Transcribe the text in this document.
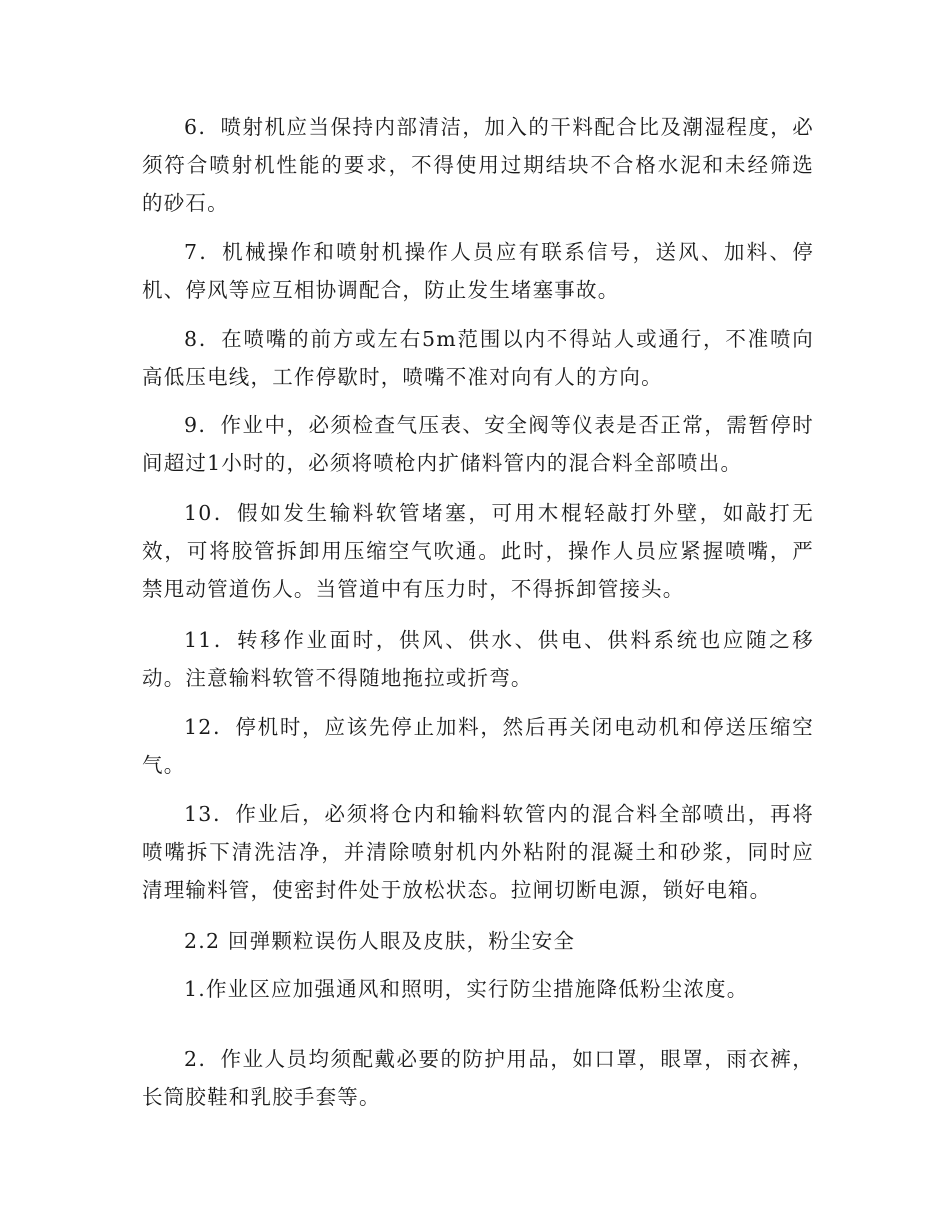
6．喷射机应当保持内部清洁，加入的干料配合比及潮湿程度，必须符合喷射机性能的要求，不得使用过期结块不合格水泥和未经筛选的砂石。

7．机械操作和喷射机操作人员应有联系信号，送风、加料、停机、停风等应互相协调配合，防止发生堵塞事故。

8．在喷嘴的前方或左右5m范围以内不得站人或通行，不准喷向高低压电线，工作停歇时，喷嘴不准对向有人的方向。

9．作业中，必须检查气压表、安全阀等仪表是否正常，需暂停时间超过1小时的，必须将喷枪内扩储料管内的混合料全部喷出。

10．假如发生输料软管堵塞，可用木棍轻敲打外壁，如敲打无效，可将胶管拆卸用压缩空气吹通。此时，操作人员应紧握喷嘴，严禁甩动管道伤人。当管道中有压力时，不得拆卸管接头。

11．转移作业面时，供风、供水、供电、供料系统也应随之移动。注意输料软管不得随地拖拉或折弯。

12．停机时，应该先停止加料，然后再关闭电动机和停送压缩空气。

13．作业后，必须将仓内和输料软管内的混合料全部喷出，再将喷嘴拆下清洗洁净，并清除喷射机内外粘附的混凝土和砂浆，同时应清理输料管，使密封件处于放松状态。拉闸切断电源，锁好电箱。

2.2 回弹颗粒误伤人眼及皮肤，粉尘安全

1.作业区应加强通风和照明，实行防尘措施降低粉尘浓度。

2．作业人员均须配戴必要的防护用品，如口罩，眼罩，雨衣裤，长筒胶鞋和乳胶手套等。
